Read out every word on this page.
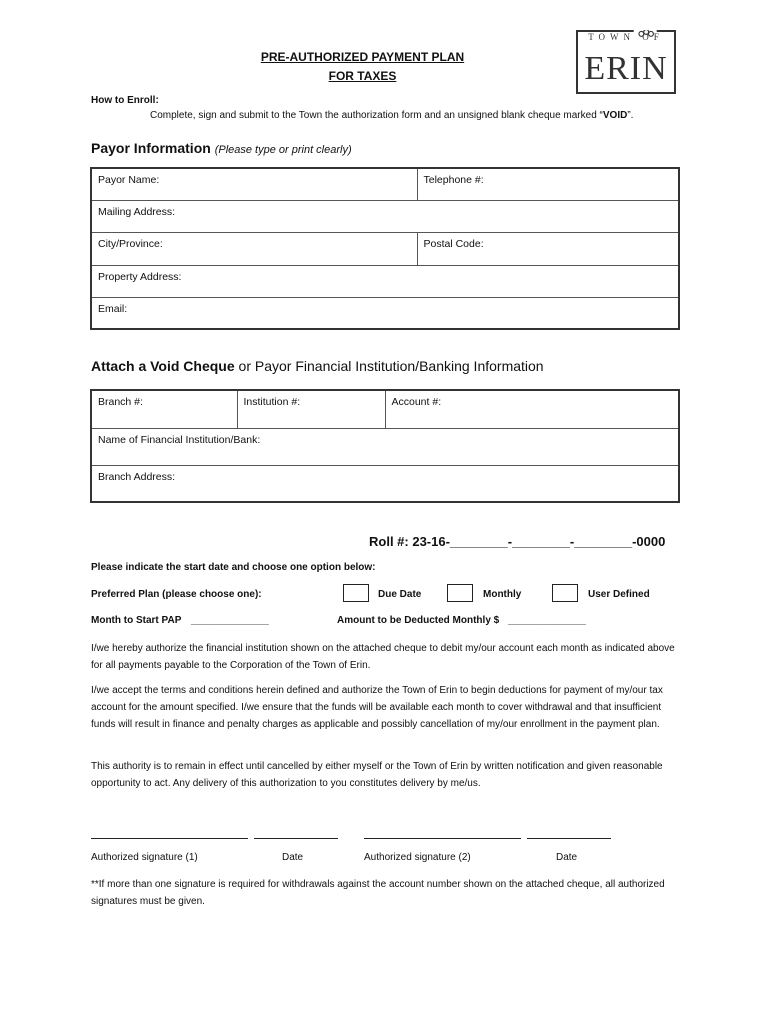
PRE-AUTHORIZED PAYMENT PLAN
FOR TAXES
TOWN OF
ERIN
How to Enroll:
Complete, sign and submit to the Town the authorization form and an unsigned blank cheque marked “VOID”.
Payor Information (Please type or print clearly)
Payor Name:	Telephone #:
Mailing Address:	
City/Province:	Postal Code:
Property Address:	
Email:	
Attach a Void Cheque or Payor Financial Institution/Banking Information
Branch #:	Institution #:	Account #:
Name of Financial Institution/Bank:
Branch Address:
Roll #: 23-16-________-________-________-0000
Please indicate the start date and choose one option below:
Preferred Plan (please choose one):	Due Date	Monthly	User Defined
Month to Start PAP ______________	Amount to be Deducted Monthly $ ______________
I/we hereby authorize the financial institution shown on the attached cheque to debit my/our account each month as indicated above for all payments payable to the Corporation of the Town of Erin.
I/we accept the terms and conditions herein defined and authorize the Town of Erin to begin deductions for payment of my/our tax account for the amount specified. I/we ensure that the funds will be available each month to cover withdrawal and that insufficient funds will result in finance and penalty charges as applicable and possibly cancellation of my/our enrollment in the payment plan.
This authority is to remain in effect until cancelled by either myself or the Town of Erin by written notification and given reasonable opportunity to act. Any delivery of this authorization to you constitutes delivery by me/us.
Authorized signature (1)	Date	Authorized signature (2)	Date
**If more than one signature is required for withdrawals against the account number shown on the attached cheque, all authorized signatures must be given.
